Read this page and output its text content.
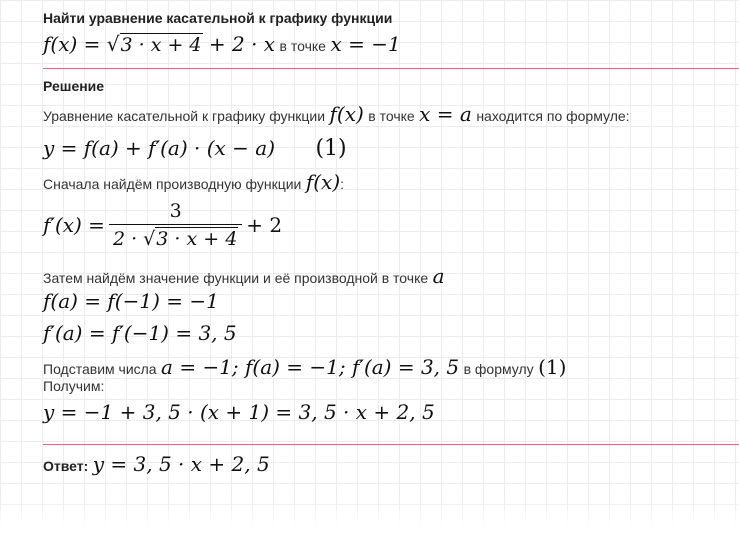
Найти уравнение касательной к графику функции
f(x) = √3 · x + 4 + 2 · x в точке x = −1
Решение
Уравнение касательной к графику функции f(x) в точке x = a находится по формуле:
y = f(a) + f′(a) · (x − a) (1)
Сначала найдём производную функции f(x):
$f'(x) = \frac{3}{2 \cdot √3 \cdot x + 4} + 2$
Затем найдём значение функции и её производной в точке a
f(a) = f(−1) = −1
f′(a) = f′(−1) = 3, 5
Подставим числа a = −1; f(a) = −1; f′(a) = 3, 5 в формулу (1)
Получим:
y = −1 + 3, 5 · (x + 1) = 3, 5 · x + 2, 5
Ответ: y = 3, 5 · x + 2, 5
